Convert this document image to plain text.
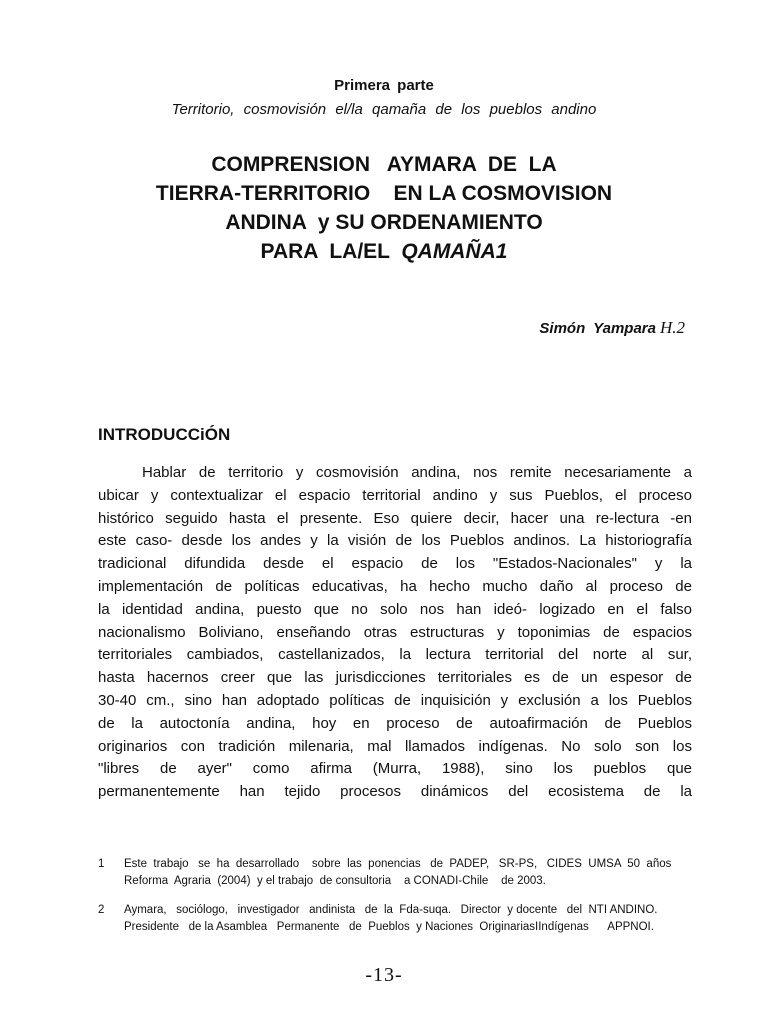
Primera parte
Territorio, cosmovisión el/la qamaña de los pueblos andino
COMPRENSION   AYMARA  DE  LA
TIERRA-TERRITORIO    EN LA COSMOVISION
ANDINA  y SU ORDENAMIENTO
PARA  LA/EL  QAMAÑA1
Simón Yampara H.2
INTRODUCCiÓN
Hablar de territorio y cosmovisión andina, nos remite necesariamente a
ubicar y contextualizar el espacio territorial andino y sus Pueblos, el proceso
histórico seguido hasta el presente. Eso quiere decir, hacer una re-lectura -en
este caso- desde los andes y la visión de los Pueblos andinos. La historiografía
tradicional difundida desde el espacio de los "Estados-Nacionales" y la
implementación de políticas educativas, ha hecho mucho daño al proceso de
la identidad andina, puesto que no solo nos han ideó- logizado en el falso
nacionalismo Boliviano, enseñando otras estructuras y toponimias de espacios
territoriales cambiados, castellanizados, la lectura territorial del norte al sur,
hasta hacernos creer que las jurisdicciones territoriales es de un espesor de
30-40 cm., sino han adoptado políticas de inquisición y exclusión a los Pueblos
de la autoctonía andina, hoy en proceso de autoafirmación de Pueblos
originarios con tradición milenaria, mal llamados indígenas. No solo son los
"libres de ayer" como afirma (Murra, 1988), sino los pueblos que
permanentemente han tejido procesos dinámicos del ecosistema de la
1 Este  trabajo   se  ha  desarrollado    sobre  las  ponencias   de  PADEP,   SR-PS,   CIDES  UMSA  50  años
Reforma  Agraria  (2004)  y el trabajo  de consultoria    a CONADI-Chile    de 2003.
2 Aymara,   sociólogo,   investigador   andinista   de  la  Fda-suqa.   Director  y docente   del  NTI ANDINO.
Presidente   de la Asamblea   Permanente   de  Pueblos  y Naciones  OriginariasIIndígenas      APPNOI.
-13-
